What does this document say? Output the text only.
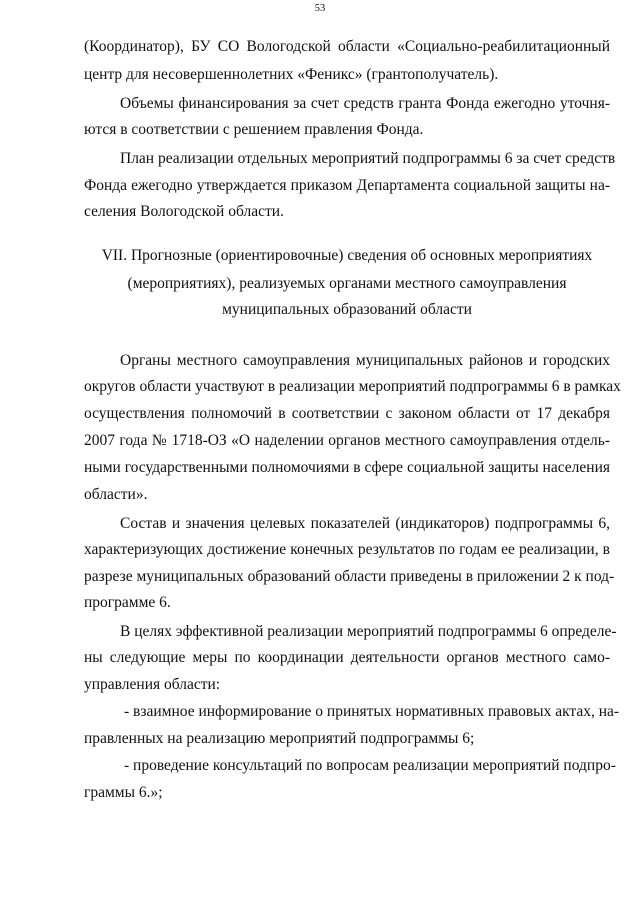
53
(Координатор), БУ СО Вологодской области «Социально-реабилитационный
центр для несовершеннолетних «Феникс» (грантополучатель).
Объемы финансирования за счет средств гранта Фонда ежегодно уточня-
ются в соответствии с решением правления Фонда.
План реализации отдельных мероприятий подпрограммы 6 за счет средств
Фонда ежегодно утверждается приказом Департамента социальной защиты на-
селения Вологодской области.
VII. Прогнозные (ориентировочные) сведения об основных мероприятиях
(мероприятиях), реализуемых органами местного самоуправления
муниципальных образований области
Органы местного самоуправления муниципальных районов и городских
округов области участвуют в реализации мероприятий подпрограммы 6 в рамках
осуществления полномочий в соответствии с законом области от 17 декабря
2007 года № 1718-ОЗ «О наделении органов местного самоуправления отдель-
ными государственными полномочиями в сфере социальной защиты населения
области».
Состав и значения целевых показателей (индикаторов) подпрограммы 6,
характеризующих достижение конечных результатов по годам ее реализации, в
разрезе муниципальных образований области приведены в приложении 2 к под-
программе 6.
В целях эффективной реализации мероприятий подпрограммы 6 определе-
ны следующие меры по координации деятельности органов местного само-
управления области:
- взаимное информирование о принятых нормативных правовых актах, на-
правленных на реализацию мероприятий подпрограммы 6;
- проведение консультаций по вопросам реализации мероприятий подпро-
граммы 6.»;
